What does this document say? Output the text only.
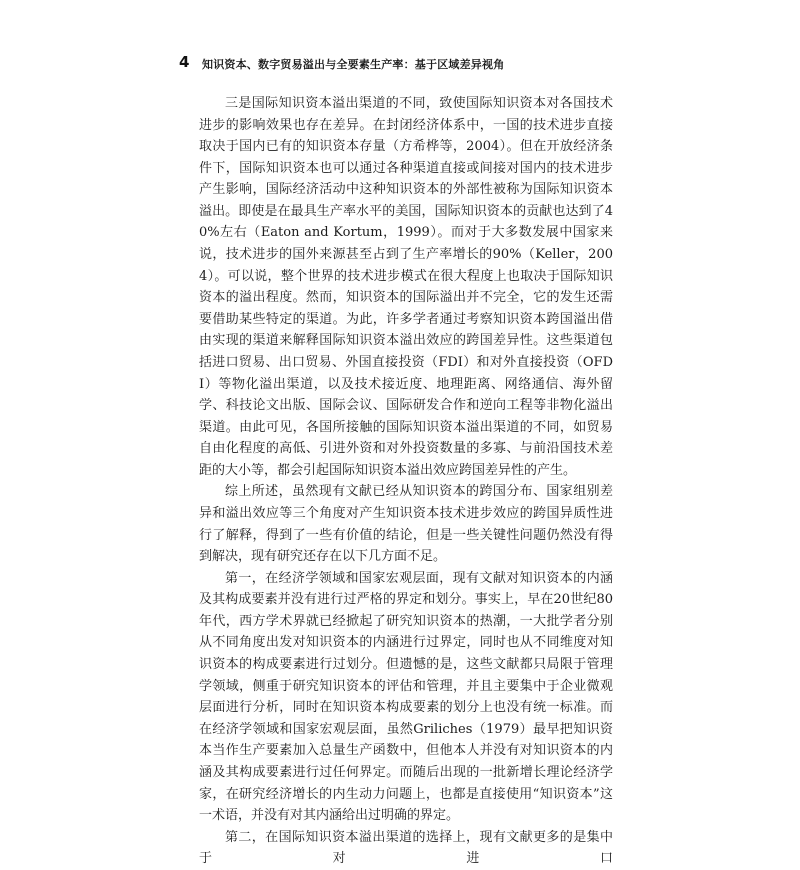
4 知识资本、数字贸易溢出与全要素生产率：基于区域差异视角

三是国际知识资本溢出渠道的不同，致使国际知识资本对各国技术进步的影响效果也存在差异。在封闭经济体系中，一国的技术进步直接取决于国内已有的知识资本存量（方希桦等，2004）。但在开放经济条件下，国际知识资本也可以通过各种渠道直接或间接对国内的技术进步产生影响，国际经济活动中这种知识资本的外部性被称为国际知识资本溢出。即使是在最具生产率水平的美国，国际知识资本的贡献也达到了40%左右（Eaton and Kortum，1999）。而对于大多数发展中国家来说，技术进步的国外来源甚至占到了生产率增长的90%（Keller，2004）。可以说，整个世界的技术进步模式在很大程度上也取决于国际知识资本的溢出程度。然而，知识资本的国际溢出并不完全，它的发生还需要借助某些特定的渠道。为此，许多学者通过考察知识资本跨国溢出借由实现的渠道来解释国际知识资本溢出效应的跨国差异性。这些渠道包括进口贸易、出口贸易、外国直接投资（FDI）和对外直接投资（OFDI）等物化溢出渠道，以及技术接近度、地理距离、网络通信、海外留学、科技论文出版、国际会议、国际研发合作和逆向工程等非物化溢出渠道。由此可见，各国所接触的国际知识资本溢出渠道的不同，如贸易自由化程度的高低、引进外资和对外投资数量的多寡、与前沿国技术差距的大小等，都会引起国际知识资本溢出效应跨国差异性的产生。

综上所述，虽然现有文献已经从知识资本的跨国分布、国家组别差异和溢出效应等三个角度对产生知识资本技术进步效应的跨国异质性进行了解释，得到了一些有价值的结论，但是一些关键性问题仍然没有得到解决，现有研究还存在以下几方面不足。

第一，在经济学领域和国家宏观层面，现有文献对知识资本的内涵及其构成要素并没有进行过严格的界定和划分。事实上，早在20世纪80年代，西方学术界就已经掀起了研究知识资本的热潮，一大批学者分别从不同角度出发对知识资本的内涵进行过界定，同时也从不同维度对知识资本的构成要素进行过划分。但遗憾的是，这些文献都只局限于管理学领域，侧重于研究知识资本的评估和管理，并且主要集中于企业微观层面进行分析，同时在知识资本构成要素的划分上也没有统一标准。而在经济学领域和国家宏观层面，虽然Griliches（1979）最早把知识资本当作生产要素加入总量生产函数中，但他本人并没有对知识资本的内涵及其构成要素进行过任何界定。而随后出现的一批新增长理论经济学家，在研究经济增长的内生动力问题上，也都是直接使用“知识资本”这一术语，并没有对其内涵给出过明确的界定。

第二，在国际知识资本溢出渠道的选择上，现有文献更多的是集中于对进口
